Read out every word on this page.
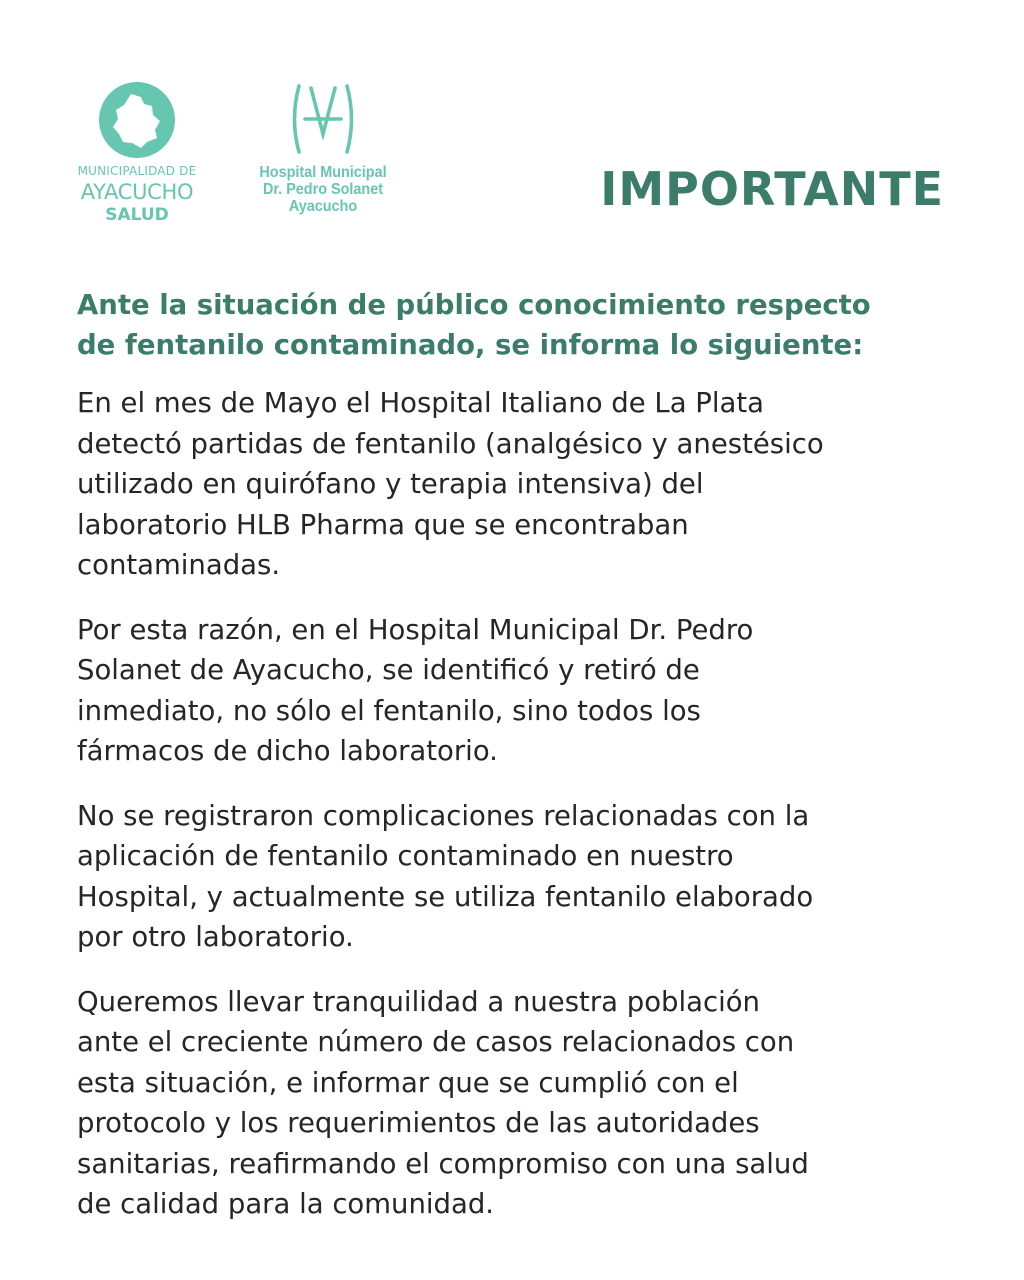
MUNICIPALIDAD DE
AYACUCHO
SALUD
Hospital Municipal
Dr. Pedro Solanet
Ayacucho	IMPORTANTE
Ante la situación de público conocimiento respecto
de fentanilo contaminado, se informa lo siguiente:
En el mes de Mayo el Hospital Italiano de La Plata
detectó partidas de fentanilo (analgésico y anestésico
utilizado en quirófano y terapia intensiva) del
laboratorio HLB Pharma que se encontraban
contaminadas.
Por esta razón, en el Hospital Municipal Dr. Pedro
Solanet de Ayacucho, se identificó y retiró de
inmediato, no sólo el fentanilo, sino todos los
fármacos de dicho laboratorio.
No se registraron complicaciones relacionadas con la
aplicación de fentanilo contaminado en nuestro
Hospital, y actualmente se utiliza fentanilo elaborado
por otro laboratorio.
Queremos llevar tranquilidad a nuestra población
ante el creciente número de casos relacionados con
esta situación, e informar que se cumplió con el
protocolo y los requerimientos de las autoridades
sanitarias, reafirmando el compromiso con una salud
de calidad para la comunidad.
